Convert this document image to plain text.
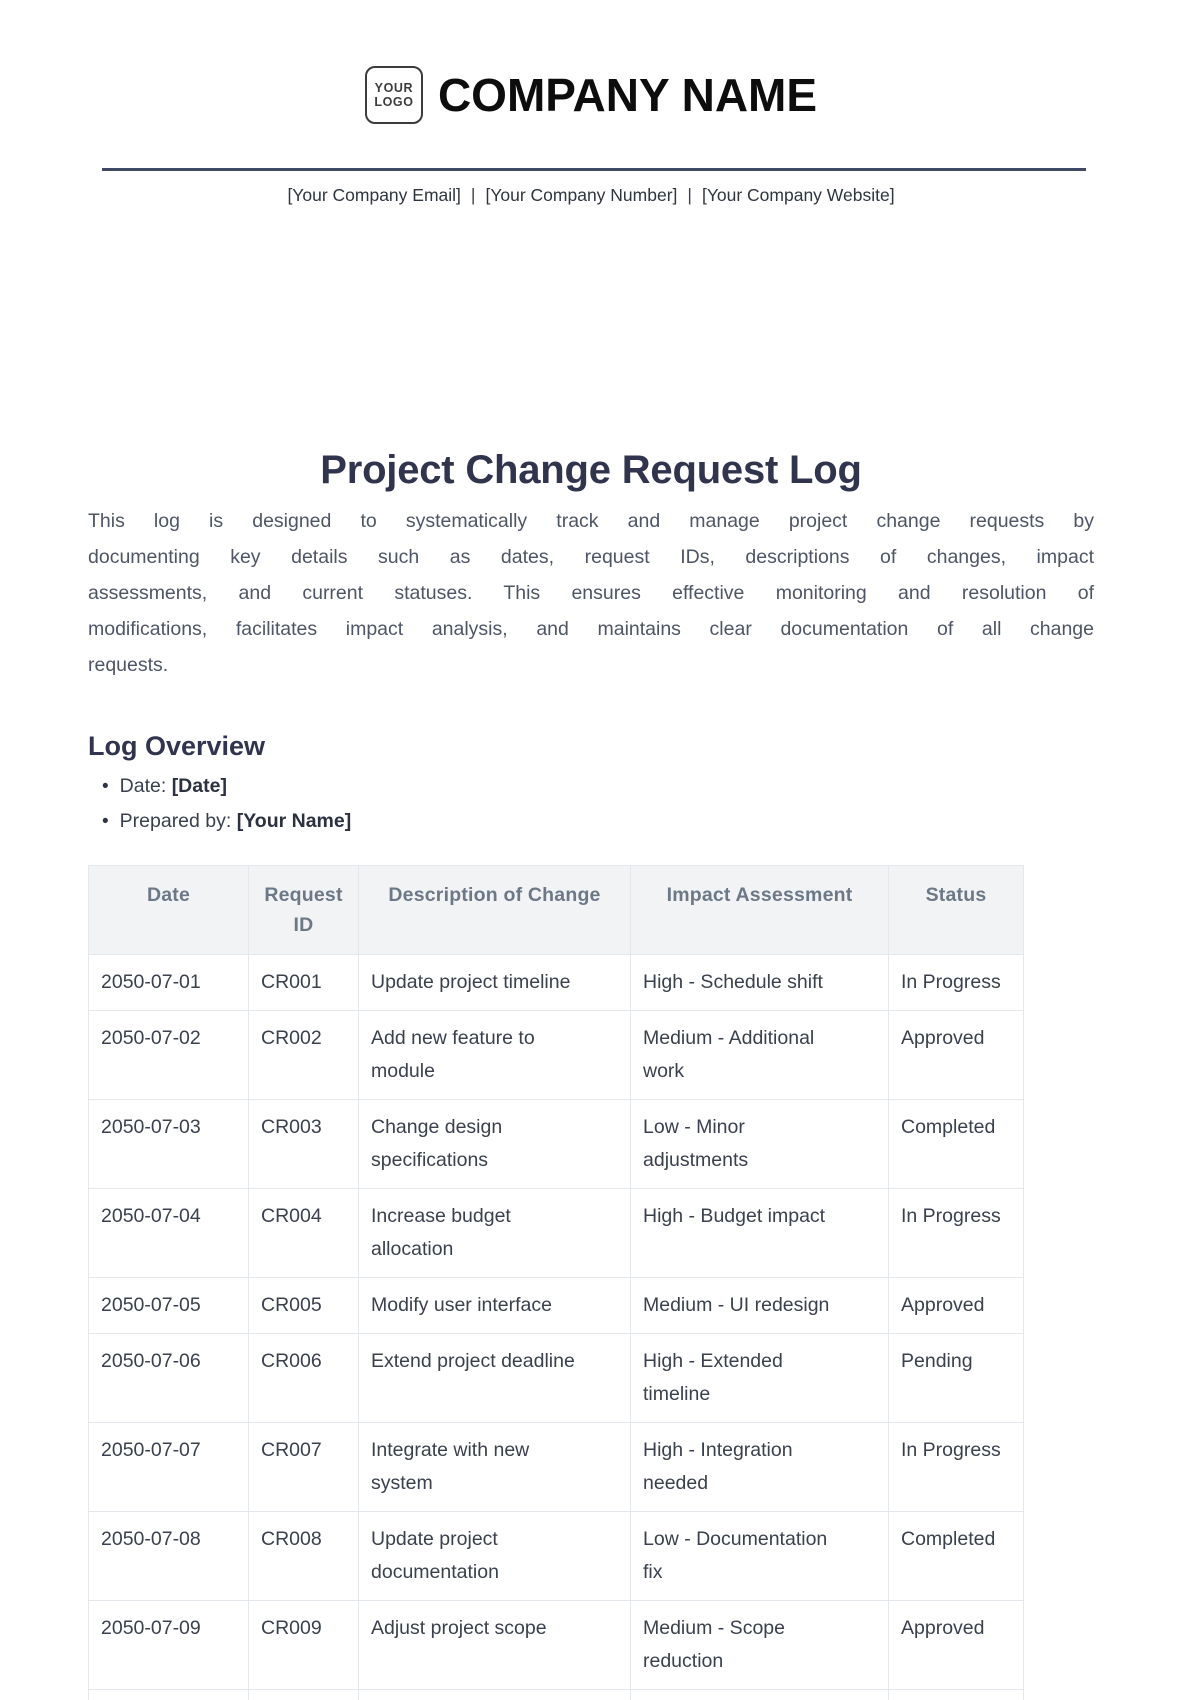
YOUR
LOGO COMPANY NAME
[Your Company Email] | [Your Company Number] | [Your Company Website]
Project Change Request Log
This log is designed to systematically track and manage project change requests by
documenting key details such as dates, request IDs, descriptions of changes, impact
assessments, and current statuses. This ensures effective monitoring and resolution of
modifications, facilitates impact analysis, and maintains clear documentation of all change
requests.
Log Overview
• Date: [Date]
• Prepared by: [Your Name]
Date	Request ID	Description of Change	Impact Assessment	Status
2050-07-01	CR001	Update project timeline	High - Schedule shift	In Progress
2050-07-02	CR002	Add new feature to module	Medium - Additional work	Approved
2050-07-03	CR003	Change design specifications	Low - Minor adjustments	Completed
2050-07-04	CR004	Increase budget allocation	High - Budget impact	In Progress
2050-07-05	CR005	Modify user interface	Medium - UI redesign	Approved
2050-07-06	CR006	Extend project deadline	High - Extended timeline	Pending
2050-07-07	CR007	Integrate with new system	High - Integration needed	In Progress
2050-07-08	CR008	Update project documentation	Low - Documentation fix	Completed
2050-07-09	CR009	Adjust project scope	Medium - Scope reduction	Approved
